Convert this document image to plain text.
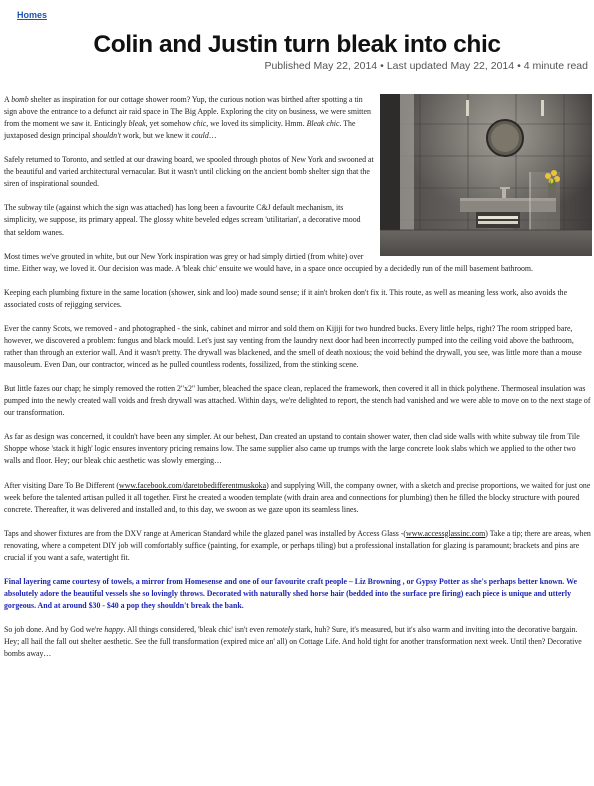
Homes
Colin and Justin turn bleak into chic
Published May 22, 2014 • Last updated May 22, 2014 • 4 minute read

A bomb shelter as inspiration for our cottage shower room? Yup, the curious notion was birthed after spotting a tin sign above the entrance to a defunct air raid space in The Big Apple. Exploring the city on business, we were smitten from the moment we saw it. Enticingly bleak, yet somehow chic, we loved its simplicity. Hmm. Bleak chic. The juxtaposed design principal shouldn't work, but we knew it could…

Safely returned to Toronto, and settled at our drawing board, we spooled through photos of New York and swooned at the beautiful and varied architectural vernacular. But it wasn't until clicking on the ancient bomb shelter sign that the siren of inspirational sounded.

The subway tile (against which the sign was attached) has long been a favourite C&J default mechanism, its simplicity, we suppose, its primary appeal. The glossy white beveled edges scream 'utilitarian', a decorative mood that seldom wanes.

Most times we've grouted in white, but our New York inspiration was grey or had simply dirtied (from white) over time. Either way, we loved it. Our decision was made. A 'bleak chic' ensuite we would have, in a space once occupied by a decidedly run of the mill basement bathroom.

Keeping each plumbing fixture in the same location (shower, sink and loo) made sound sense; if it ain't broken don't fix it. This route, as well as meaning less work, also avoids the associated costs of rejigging services.

Ever the canny Scots, we removed - and photographed - the sink, cabinet and mirror and sold them on Kijiji for two hundred bucks. Every little helps, right? The room stripped bare, however, we discovered a problem: fungus and black mould. Let's just say venting from the laundry next door had been incorrectly pumped into the ceiling void above the bathroom, rather than through an exterior wall. And it wasn't pretty. The drywall was blackened, and the smell of death noxious; the void behind the drywall, you see, was little more than a mouse mausoleum. Even Dan, our contractor, winced as he pulled countless rodents, fossilized, from the stinking scene.

But little fazes our chap; he simply removed the rotten 2"x2" lumber, bleached the space clean, replaced the framework, then covered it all in thick polythene. Thermoseal insulation was pumped into the newly created wall voids and fresh drywall was attached. Within days, we're delighted to report, the stench had vanished and we were able to move on to the next stage of our transformation.

As far as design was concerned, it couldn't have been any simpler. At our behest, Dan created an upstand to contain shower water, then clad side walls with white subway tile from Tile Shoppe whose 'stack it high' logic ensures inventory pricing remains low. The same supplier also came up trumps with the large concrete look slabs which we applied to the other two walls and floor. Hey; our bleak chic aesthetic was slowly emerging…

After visiting Dare To Be Different (www.facebook.com/daretobedifferentmuskoka) and supplying Will, the company owner, with a sketch and precise proportions, we waited for just one week before the talented artisan pulled it all together. First he created a wooden template (with drain area and connections for plumbing) then he filled the blocky structure with poured concrete. Thereafter, it was delivered and installed and, to this day, we swoon as we gaze upon its seamless lines.

Taps and shower fixtures are from the DXV range at American Standard while the glazed panel was installed by Access Glass -(www.accessglassinc.com) Take a tip; there are areas, when renovating, where a competent DIY job will comfortably suffice (painting, for example, or perhaps tiling) but a professional installation for glazing is paramount; brackets and pins are crucial if you want a safe, watertight fit.

Final layering came courtesy of towels, a mirror from Homesense and one of our favourite craft people – Liz Browning , or Gypsy Potter as she's perhaps better known. We absolutely adore the beautiful vessels she so lovingly throws. Decorated with naturally shed horse hair (bedded into the surface pre firing) each piece is unique and utterly gorgeous. And at around $30 - $40 a pop they shouldn't break the bank.

So job done. And by God we're happy. All things considered, 'bleak chic' isn't even remotely stark, huh? Sure, it's measured, but it's also warm and inviting into the decorative bargain. Hey; all hail the fall out shelter aesthetic. See the full transformation (expired mice an' all) on Cottage Life. And hold tight for another transformation next week. Until then? Decorative bombs away…
